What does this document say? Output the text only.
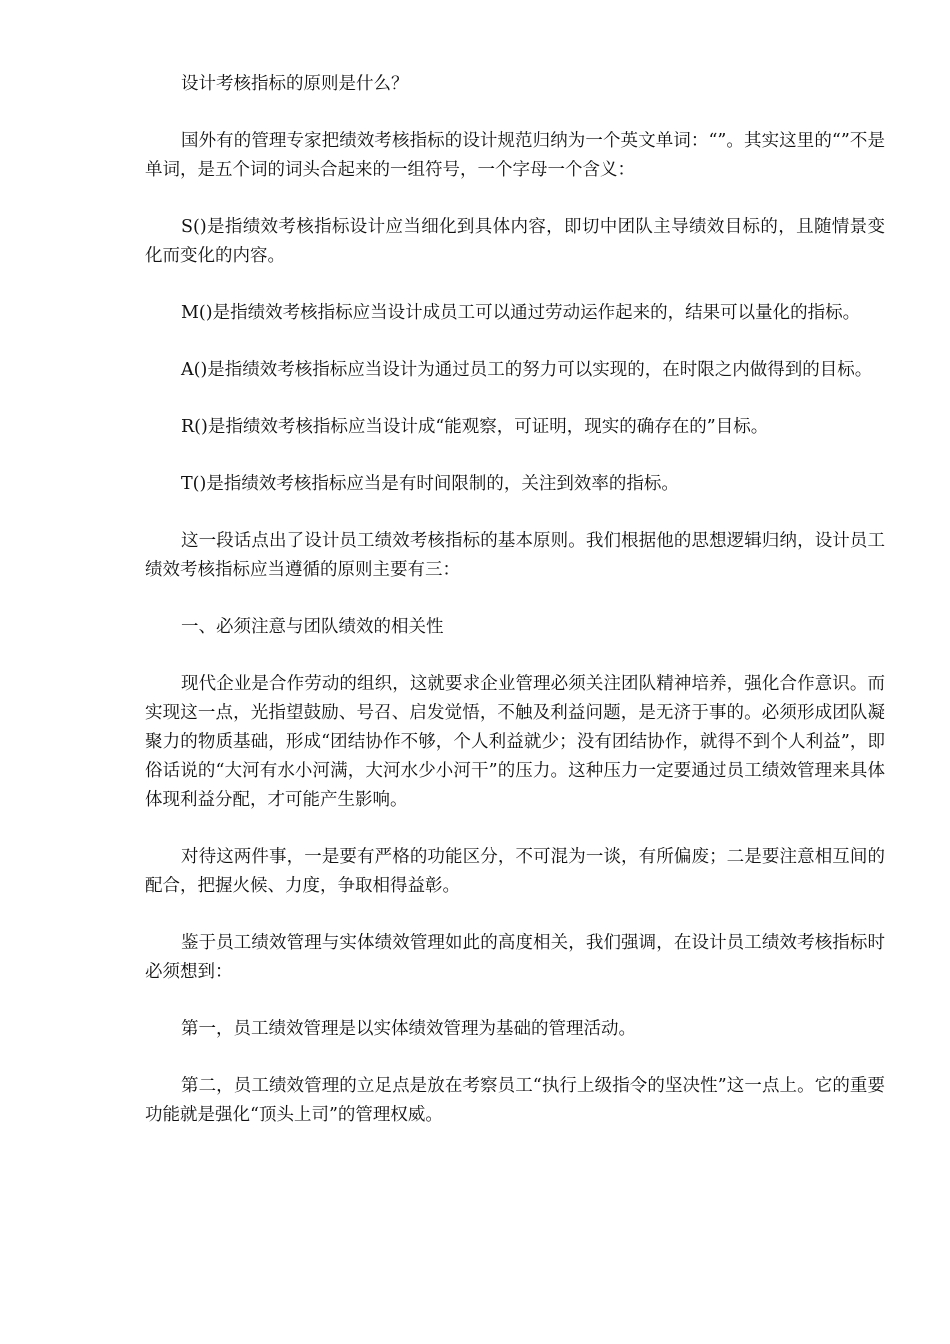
设计考核指标的原则是什么？

国外有的管理专家把绩效考核指标的设计规范归纳为一个英文单词：“”。其实这里的“”不是单词，是五个词的词头合起来的一组符号，一个字母一个含义：

S()是指绩效考核指标设计应当细化到具体内容，即切中团队主导绩效目标的，且随情景变化而变化的内容。

M()是指绩效考核指标应当设计成员工可以通过劳动运作起来的，结果可以量化的指标。

A()是指绩效考核指标应当设计为通过员工的努力可以实现的，在时限之内做得到的目标。

R()是指绩效考核指标应当设计成“能观察，可证明，现实的确存在的”目标。

T()是指绩效考核指标应当是有时间限制的，关注到效率的指标。

这一段话点出了设计员工绩效考核指标的基本原则。我们根据他的思想逻辑归纳，设计员工绩效考核指标应当遵循的原则主要有三：

一、必须注意与团队绩效的相关性

现代企业是合作劳动的组织，这就要求企业管理必须关注团队精神培养，强化合作意识。而实现这一点，光指望鼓励、号召、启发觉悟，不触及利益问题，是无济于事的。必须形成团队凝聚力的物质基础，形成“团结协作不够，个人利益就少；没有团结协作，就得不到个人利益”，即俗话说的“大河有水小河满，大河水少小河干”的压力。这种压力一定要通过员工绩效管理来具体体现利益分配，才可能产生影响。

对待这两件事，一是要有严格的功能区分，不可混为一谈，有所偏废；二是要注意相互间的配合，把握火候、力度，争取相得益彰。

鉴于员工绩效管理与实体绩效管理如此的高度相关，我们强调，在设计员工绩效考核指标时必须想到：

第一，员工绩效管理是以实体绩效管理为基础的管理活动。

第二，员工绩效管理的立足点是放在考察员工“执行上级指令的坚决性”这一点上。它的重要功能就是强化“顶头上司”的管理权威。
